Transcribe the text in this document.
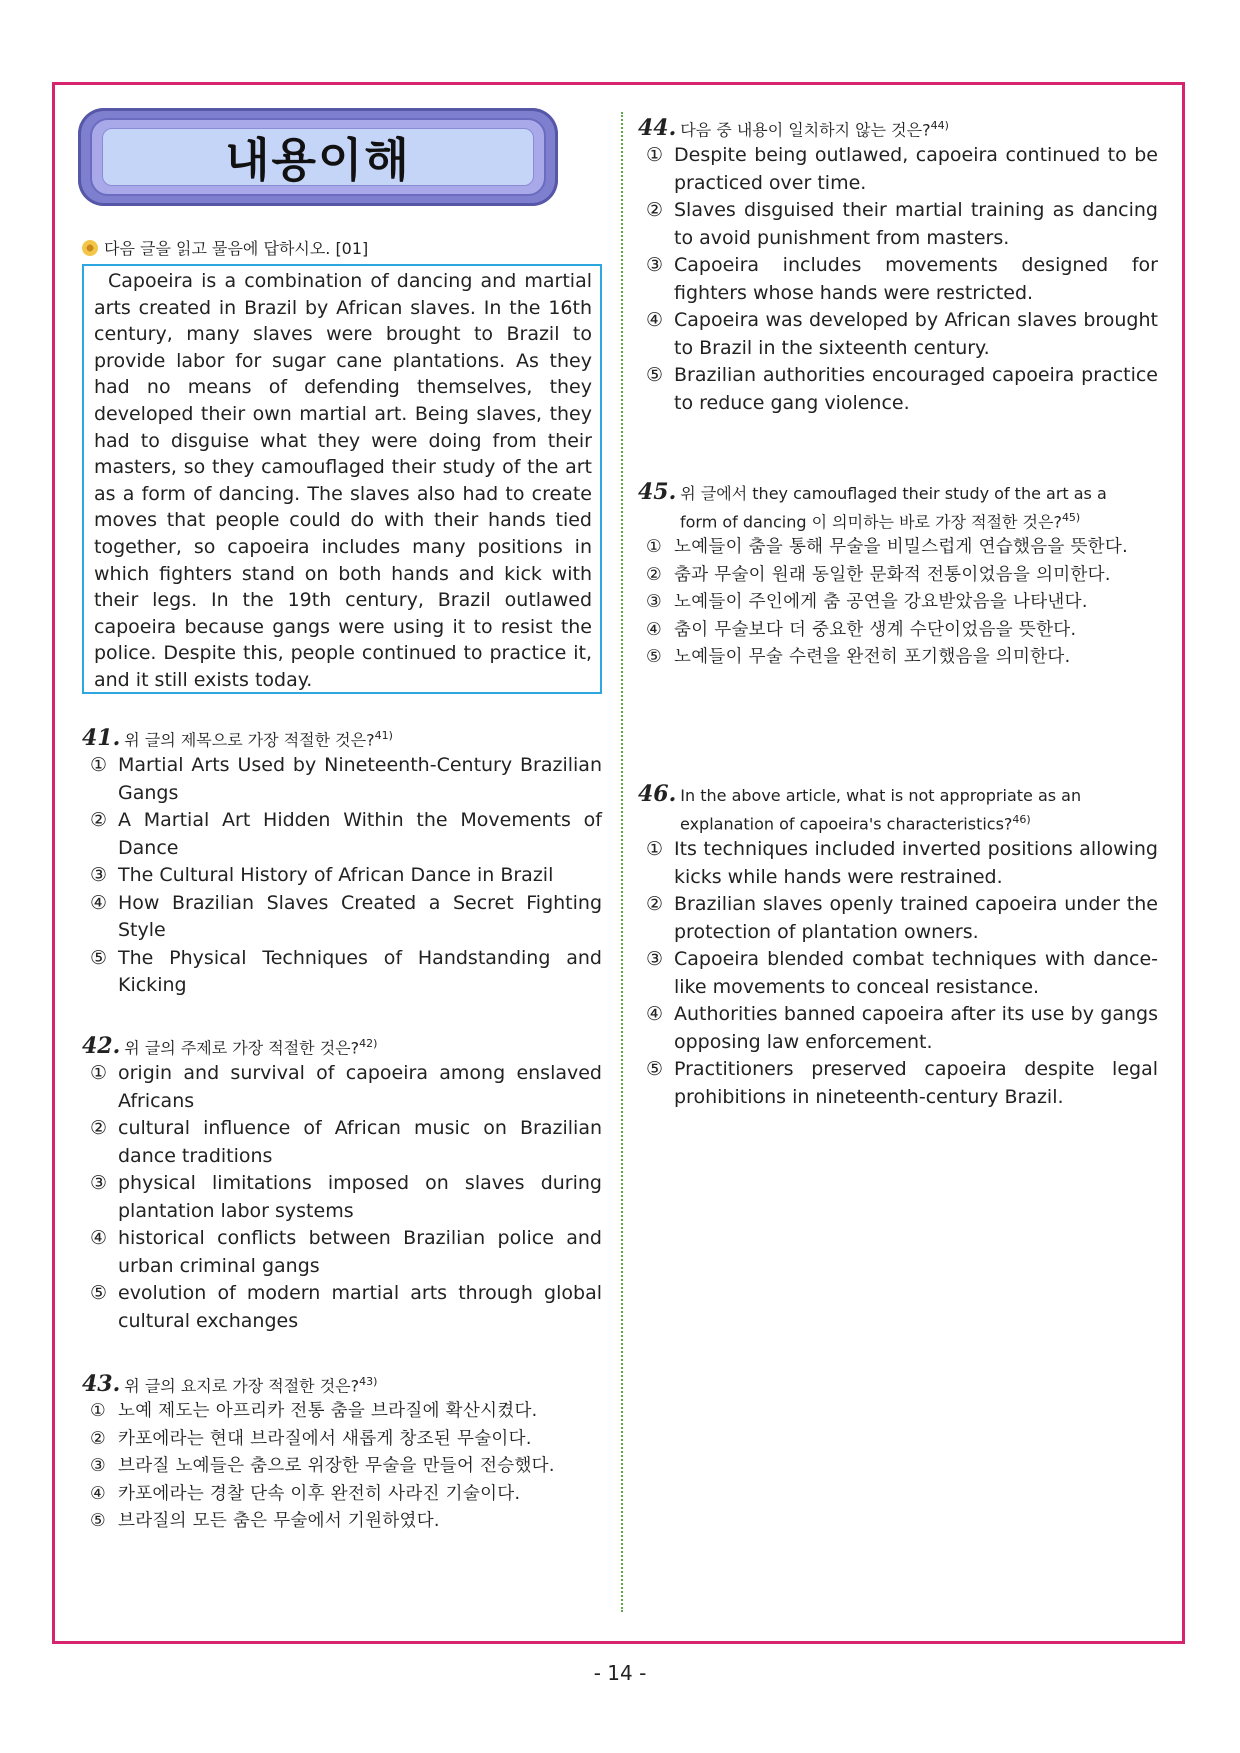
내용이해
다음 글을 읽고 물음에 답하시오. [01]
Capoeira is a combination of dancing and martial arts created in Brazil by African slaves. In the 16th century, many slaves were brought to Brazil to provide labor for sugar cane plantations. As they had no means of defending themselves, they developed their own martial art. Being slaves, they had to disguise what they were doing from their masters, so they camouflaged their study of the art as a form of dancing. The slaves also had to create moves that people could do with their hands tied together, so capoeira includes many positions in which fighters stand on both hands and kick with their legs. In the 19th century, Brazil outlawed capoeira because gangs were using it to resist the police. Despite this, people continued to practice it, and it still exists today.
41. 위 글의 제목으로 가장 적절한 것은?$^{41)}$
① Martial Arts Used by Nineteenth-Century Brazilian Gangs
② A Martial Art Hidden Within the Movements of Dance
③ The Cultural History of African Dance in Brazil
④ How Brazilian Slaves Created a Secret Fighting Style
⑤ The Physical Techniques of Handstanding and Kicking
42. 위 글의 주제로 가장 적절한 것은?$^{42)}$
① origin and survival of capoeira among enslaved Africans
② cultural influence of African music on Brazilian dance traditions
③ physical limitations imposed on slaves during plantation labor systems
④ historical conflicts between Brazilian police and urban criminal gangs
⑤ evolution of modern martial arts through global cultural exchanges
43. 위 글의 요지로 가장 적절한 것은?$^{43)}$
① 노예 제도는 아프리카 전통 춤을 브라질에 확산시켰다.
② 카포에라는 현대 브라질에서 새롭게 창조된 무술이다.
③ 브라질 노예들은 춤으로 위장한 무술을 만들어 전승했다.
④ 카포에라는 경찰 단속 이후 완전히 사라진 기술이다.
⑤ 브라질의 모든 춤은 무술에서 기원하였다.
44. 다음 중 내용이 일치하지 않는 것은?$^{44)}$
① Despite being outlawed, capoeira continued to be practiced over time.
② Slaves disguised their martial training as dancing to avoid punishment from masters.
③ Capoeira includes movements designed for fighters whose hands were restricted.
④ Capoeira was developed by African slaves brought to Brazil in the sixteenth century.
⑤ Brazilian authorities encouraged capoeira practice to reduce gang violence.
45. 위 글에서 they camouflaged their study of the art as a
form of dancing 이 의미하는 바로 가장 적절한 것은?$^{45)}$
① 노예들이 춤을 통해 무술을 비밀스럽게 연습했음을 뜻한다.
② 춤과 무술이 원래 동일한 문화적 전통이었음을 의미한다.
③ 노예들이 주인에게 춤 공연을 강요받았음을 나타낸다.
④ 춤이 무술보다 더 중요한 생계 수단이었음을 뜻한다.
⑤ 노예들이 무술 수련을 완전히 포기했음을 의미한다.
46. In the above article, what is not appropriate as an
explanation of capoeira's characteristics?$^{46)}$
① Its techniques included inverted positions allowing kicks while hands were restrained.
② Brazilian slaves openly trained capoeira under the protection of plantation owners.
③ Capoeira blended combat techniques with dance-like movements to conceal resistance.
④ Authorities banned capoeira after its use by gangs opposing law enforcement.
⑤ Practitioners preserved capoeira despite legal prohibitions in nineteenth-century Brazil.
- 14 -
